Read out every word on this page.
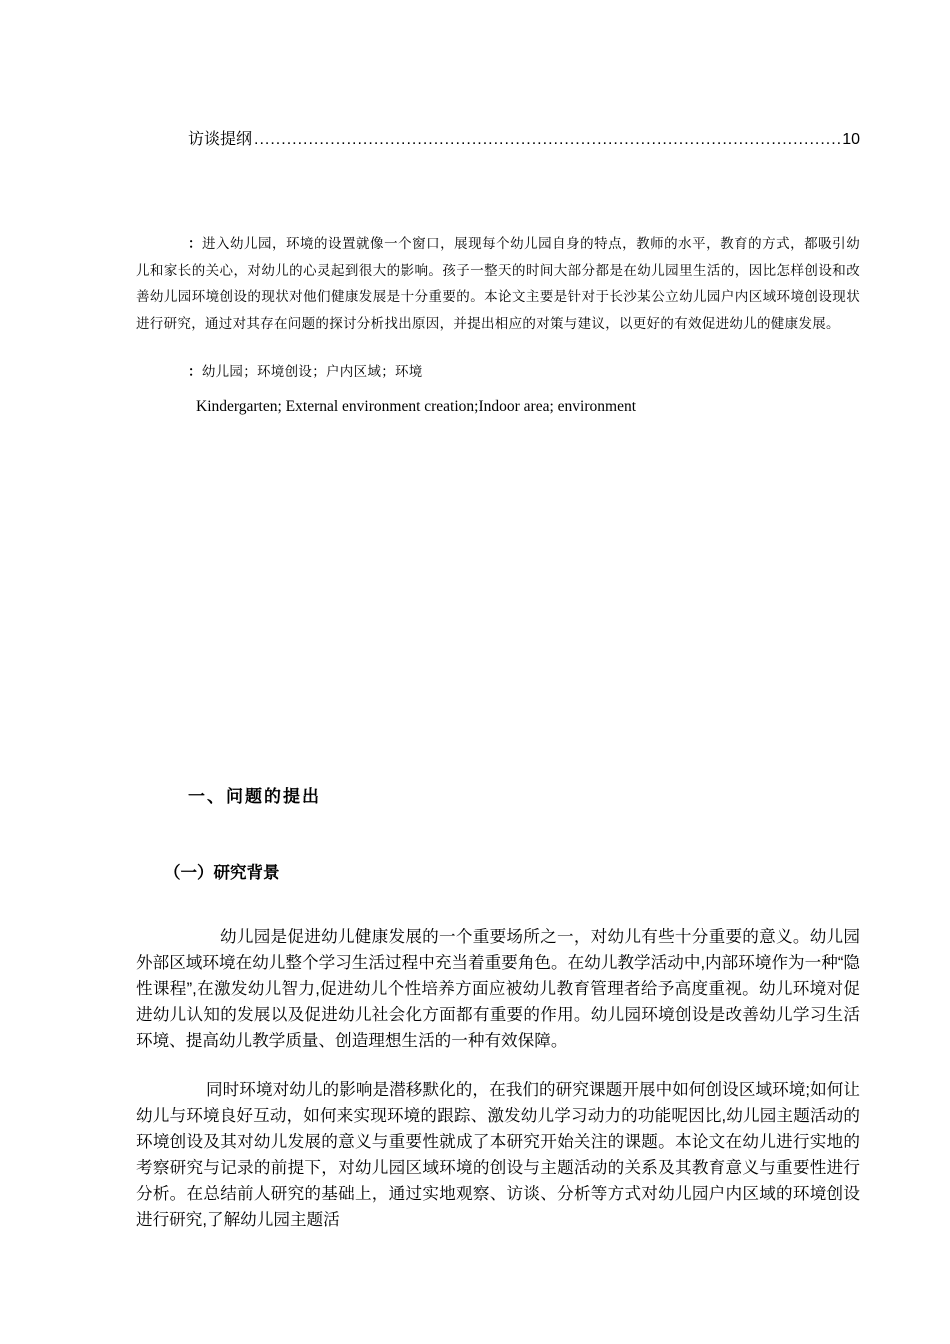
访谈提纲
.....	10
：进入幼儿园，环境的设置就像一个窗口，展现每个幼儿园自身的特点，教师的水平，教育的方式，都吸引幼儿和家长的关心，对幼儿的心灵起到很大的影响。孩子一整天的时间大部分都是在幼儿园里生活的，因比怎样创设和改善幼儿园环境创设的现状对他们健康发展是十分重要的。本论文主要是针对于长沙某公立幼儿园户内区域环境创设现状进行研究，通过对其存在问题的探讨分析找出原因，并提出相应的对策与建议，以更好的有效促进幼儿的健康发展。
：幼儿园；环境创设；户内区域；环境
Kindergarten; External environment creation;Indoor area; environment
一、问题的提出
（一）研究背景
幼儿园是促进幼儿健康发展的一个重要场所之一，对幼儿有些十分重要的意义。幼儿园外部区域环境在幼儿整个学习生活过程中充当着重要角色。在幼儿教学活动中,内部环境作为一种“隐性课程”,在激发幼儿智力,促进幼儿个性培养方面应被幼儿教育管理者给予高度重视。幼儿环境对促进幼儿认知的发展以及促进幼儿社会化方面都有重要的作用。幼儿园环境创设是改善幼儿学习生活环境、提高幼儿教学质量、创造理想生活的一种有效保障。
同时环境对幼儿的影响是潜移默化的，在我们的研究课题开展中如何创设区域环境;如何让幼儿与环境良好互动，如何来实现环境的跟踪、激发幼儿学习动力的功能呢因比,幼儿园主题活动的环境创设及其对幼儿发展的意义与重要性就成了本研究开始关注的课题。本论文在幼儿进行实地的考察研究与记录的前提下，对幼儿园区域环境的创设与主题活动的关系及其教育意义与重要性进行分析。在总结前人研究的基础上，通过实地观察、访谈、分析等方式对幼儿园户内区域的环境创设进行研究,了解幼儿园主题活
